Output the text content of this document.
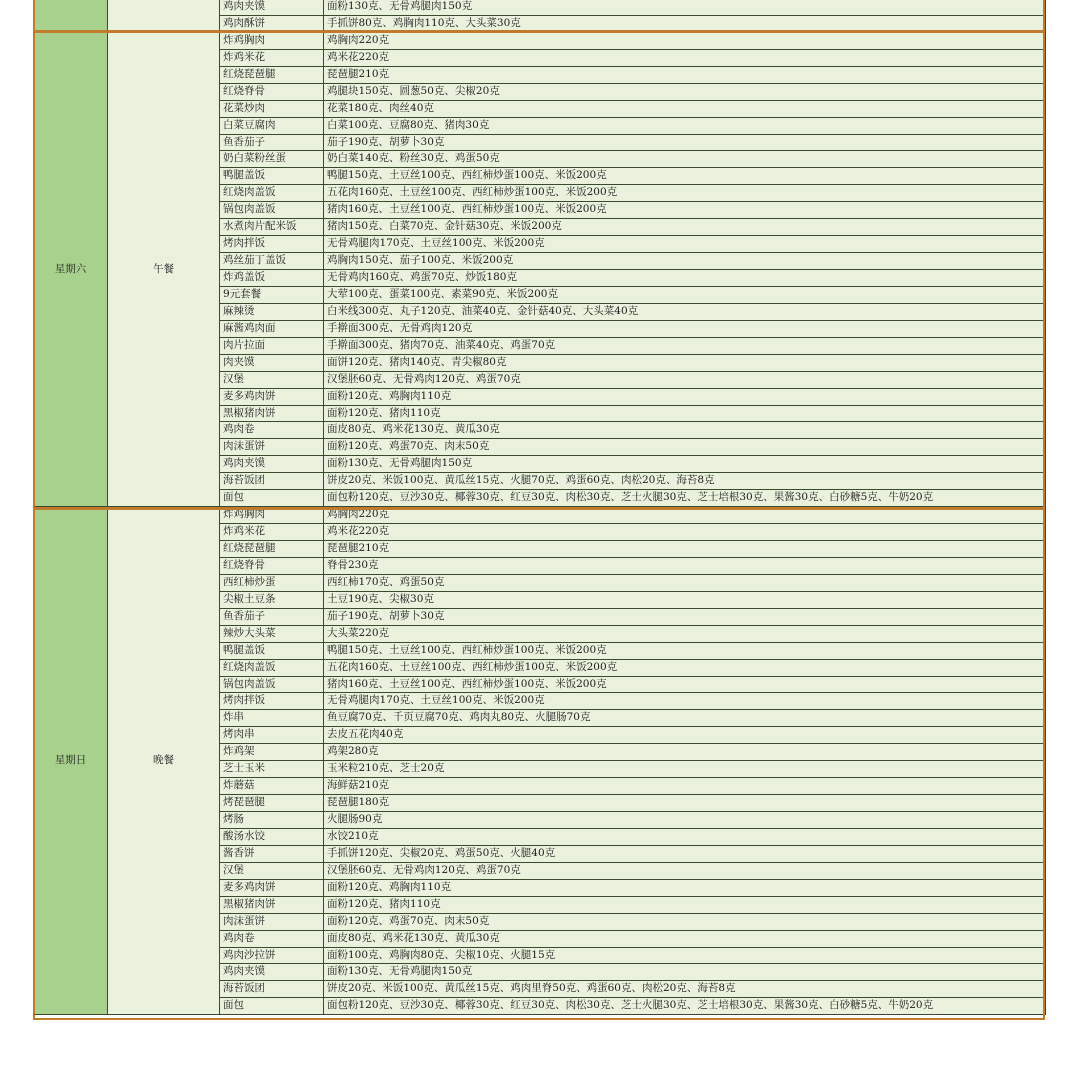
		鸡肉夹馍	面粉130克、无骨鸡腿肉150克
		鸡肉酥饼	手抓饼80克、鸡胸肉110克、大头菜30克
星期六	午餐	炸鸡胸肉	鸡胸肉220克
		炸鸡米花	鸡米花220克
		红烧琵琶腿	琵琶腿210克
		红烧脊骨	鸡腿块150克、圆葱50克、尖椒20克
		花菜炒肉	花菜180克、肉丝40克
		白菜豆腐肉	白菜100克、豆腐80克、猪肉30克
		鱼香茄子	茄子190克、胡萝卜30克
		奶白菜粉丝蛋	奶白菜140克、粉丝30克、鸡蛋50克
		鸭腿盖饭	鸭腿150克、土豆丝100克、西红柿炒蛋100克、米饭200克
		红烧肉盖饭	五花肉160克、土豆丝100克、西红柿炒蛋100克、米饭200克
		锅包肉盖饭	猪肉160克、土豆丝100克、西红柿炒蛋100克、米饭200克
		水煮肉片配米饭	猪肉150克、白菜70克、金针菇30克、米饭200克
		烤肉拌饭	无骨鸡腿肉170克、土豆丝100克、米饭200克
		鸡丝茄丁盖饭	鸡胸肉150克、茄子100克、米饭200克
		炸鸡盖饭	无骨鸡肉160克、鸡蛋70克、炒饭180克
		9元套餐	大荤100克、蛋菜100克、素菜90克、米饭200克
		麻辣烫	白米线300克、丸子120克、油菜40克、金针菇40克、大头菜40克
		麻酱鸡肉面	手擀面300克、无骨鸡肉120克
		肉片拉面	手擀面300克、猪肉70克、油菜40克、鸡蛋70克
		肉夹馍	面饼120克、猪肉140克、青尖椒80克
		汉堡	汉堡胚60克、无骨鸡肉120克、鸡蛋70克
		麦多鸡肉饼	面粉120克、鸡胸肉110克
		黑椒猪肉饼	面粉120克、猪肉110克
		鸡肉卷	面皮80克、鸡米花130克、黄瓜30克
		肉沫蛋饼	面粉120克、鸡蛋70克、肉末50克
		鸡肉夹馍	面粉130克、无骨鸡腿肉150克
		海苔饭团	饼皮20克、米饭100克、黄瓜丝15克、火腿70克、鸡蛋60克、肉松20克、海苔8克
		面包	面包粉120克、豆沙30克、椰蓉30克、红豆30克、肉松30克、芝士火腿30克、芝士培根30克、果酱30克、白砂糖5克、牛奶20克
星期日	晚餐	炸鸡胸肉	鸡胸肉220克
		炸鸡米花	鸡米花220克
		红烧琵琶腿	琵琶腿210克
		红烧脊骨	脊骨230克
		西红柿炒蛋	西红柿170克、鸡蛋50克
		尖椒土豆条	土豆190克、尖椒30克
		鱼香茄子	茄子190克、胡萝卜30克
		辣炒大头菜	大头菜220克
		鸭腿盖饭	鸭腿150克、土豆丝100克、西红柿炒蛋100克、米饭200克
		红烧肉盖饭	五花肉160克、土豆丝100克、西红柿炒蛋100克、米饭200克
		锅包肉盖饭	猪肉160克、土豆丝100克、西红柿炒蛋100克、米饭200克
		烤肉拌饭	无骨鸡腿肉170克、土豆丝100克、米饭200克
		炸串	鱼豆腐70克、千页豆腐70克、鸡肉丸80克、火腿肠70克
		烤肉串	去皮五花肉40克
		炸鸡架	鸡架280克
		芝士玉米	玉米粒210克、芝士20克
		炸蘑菇	海鲜菇210克
		烤琵琶腿	琵琶腿180克
		烤肠	火腿肠90克
		酸汤水饺	水饺210克
		酱香饼	手抓饼120克、尖椒20克、鸡蛋50克、火腿40克
		汉堡	汉堡胚60克、无骨鸡肉120克、鸡蛋70克
		麦多鸡肉饼	面粉120克、鸡胸肉110克
		黑椒猪肉饼	面粉120克、猪肉110克
		肉沫蛋饼	面粉120克、鸡蛋70克、肉末50克
		鸡肉卷	面皮80克、鸡米花130克、黄瓜30克
		鸡肉沙拉饼	面粉100克、鸡胸肉80克、尖椒10克、火腿15克
		鸡肉夹馍	面粉130克、无骨鸡腿肉150克
		海苔饭团	饼皮20克、米饭100克、黄瓜丝15克、鸡肉里脊50克、鸡蛋60克、肉松20克、海苔8克
		面包	面包粉120克、豆沙30克、椰蓉30克、红豆30克、肉松30克、芝士火腿30克、芝士培根30克、果酱30克、白砂糖5克、牛奶20克
